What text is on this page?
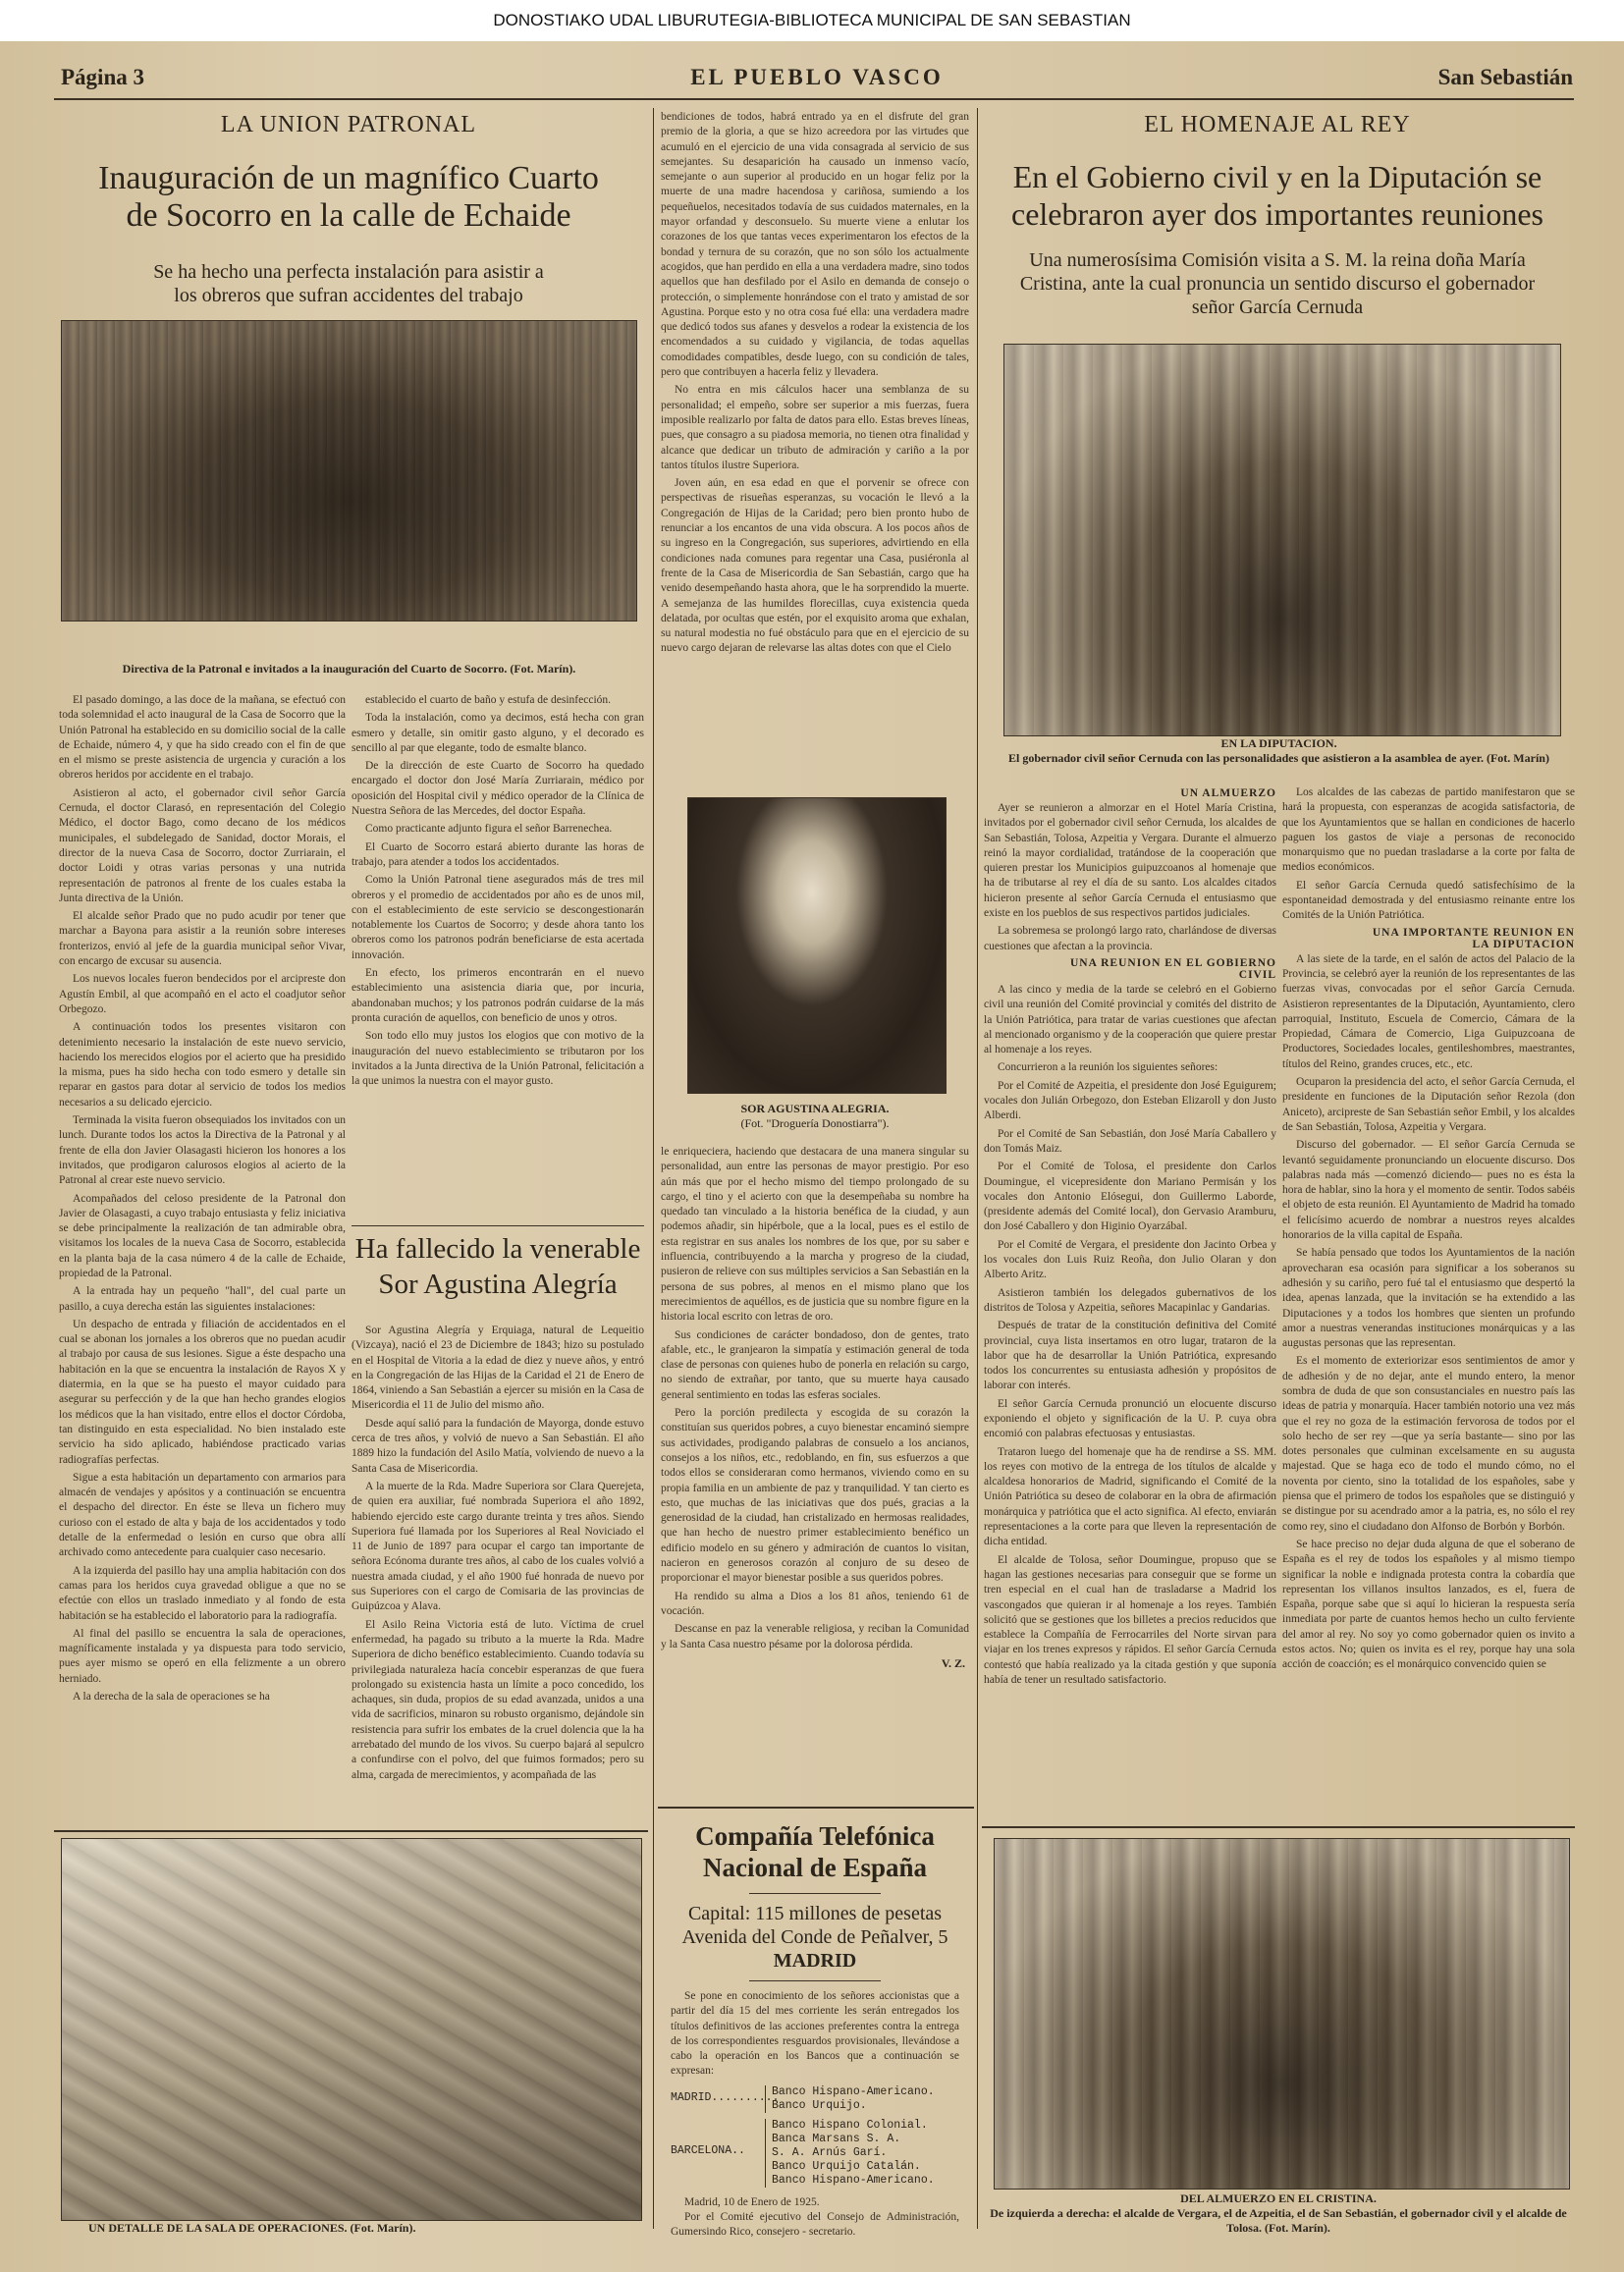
DONOSTIAKO UDAL LIBURUTEGIA-BIBLIOTECA MUNICIPAL DE SAN SEBASTIAN
Página 3	EL PUEBLO VASCO	San Sebastián
LA UNION PATRONAL
Inauguración de un magnífico Cuarto de Socorro en la calle de Echaide
Se ha hecho una perfecta instalación para asistir a los obreros que sufran accidentes del trabajo

Directiva de la Patronal e invitados a la inauguración del Cuarto de Socorro. (Fot. Marín).

El pasado domingo, a las doce de la mañana, se efectuó con toda solemnidad el acto inaugural de la Casa de Socorro que la Unión Patronal ha establecido en su domicilio social de la calle de Echaide, número 4, y que ha sido creado con el fin de que en el mismo se preste asistencia de urgencia y curación a los obreros heridos por accidente en el trabajo.

Asistieron al acto, el gobernador civil señor García Cernuda, el doctor Clarasó, en representación del Colegio Médico, el doctor Bago, como decano de los médicos municipales, el subdelegado de Sanidad, doctor Morais, el director de la nueva Casa de Socorro, doctor Zurriarain, el doctor Loidi y otras varias personas y una nutrida representación de patronos al frente de los cuales estaba la Junta directiva de la Unión.

El alcalde señor Prado que no pudo acudir por tener que marchar a Bayona para asistir a la reunión sobre intereses fronterizos, envió al jefe de la guardia municipal señor Vivar, con encargo de excusar su ausencia.

Los nuevos locales fueron bendecidos por el arcipreste don Agustín Embil, al que acompañó en el acto el coadjutor señor Orbegozo.

A continuación todos los presentes visitaron con detenimiento necesario la instalación de este nuevo servicio, haciendo los merecidos elogios por el acierto que ha presidido la misma, pues ha sido hecha con todo esmero y detalle sin reparar en gastos para dotar al servicio de todos los medios necesarios a su delicado ejercicio.

Terminada la visita fueron obsequiados los invitados con un lunch. Durante todos los actos la Directiva de la Patronal y al frente de ella don Javier Olasagasti hicieron los honores a los invitados, que prodigaron calurosos elogios al acierto de la Patronal al crear este nuevo servicio.

Acompañados del celoso presidente de la Patronal don Javier de Olasagasti, a cuyo trabajo entusiasta y feliz iniciativa se debe principalmente la realización de tan admirable obra, visitamos los locales de la nueva Casa de Socorro, establecida en la planta baja de la casa número 4 de la calle de Echaide, propiedad de la Patronal.

A la entrada hay un pequeño "hall", del cual parte un pasillo, a cuya derecha están las siguientes instalaciones:

Un despacho de entrada y filiación de accidentados en el cual se abonan los jornales a los obreros que no puedan acudir al trabajo por causa de sus lesiones. Sigue a éste despacho una habitación en la que se encuentra la instalación de Rayos X y diatermia, en la que se ha puesto el mayor cuidado para asegurar su perfección y de la que han hecho grandes elogios los médicos que la han visitado, entre ellos el doctor Córdoba, tan distinguido en esta especialidad. No bien instalado este servicio ha sido aplicado, habiéndose practicado varias radiografías perfectas.

Sigue a esta habitación un departamento con armarios para almacén de vendajes y apósitos y a continuación se encuentra el despacho del director. En éste se lleva un fichero muy curioso con el estado de alta y baja de los accidentados y todo detalle de la enfermedad o lesión en curso que obra allí archivado como antecedente para cualquier caso necesario.

A la izquierda del pasillo hay una amplia habitación con dos camas para los heridos cuya gravedad obligue a que no se efectúe con ellos un traslado inmediato y al fondo de esta habitación se ha establecido el laboratorio para la radiografía.

Al final del pasillo se encuentra la sala de operaciones, magníficamente instalada y ya dispuesta para todo servicio, pues ayer mismo se operó en ella felizmente a un obrero herniado.

A la derecha de la sala de operaciones se ha

establecido el cuarto de baño y estufa de desinfección.

Toda la instalación, como ya decimos, está hecha con gran esmero y detalle, sin omitir gasto alguno, y el decorado es sencillo al par que elegante, todo de esmalte blanco.

De la dirección de este Cuarto de Socorro ha quedado encargado el doctor don José María Zurriarain, médico por oposición del Hospital civil y médico operador de la Clínica de Nuestra Señora de las Mercedes, del doctor España.

Como practicante adjunto figura el señor Barrenechea.

El Cuarto de Socorro estará abierto durante las horas de trabajo, para atender a todos los accidentados.

Como la Unión Patronal tiene asegurados más de tres mil obreros y el promedio de accidentados por año es de unos mil, con el establecimiento de este servicio se descongestionarán notablemente los Cuartos de Socorro; y desde ahora tanto los obreros como los patronos podrán beneficiarse de esta acertada innovación.

En efecto, los primeros encontrarán en el nuevo establecimiento una asistencia diaria que, por incuria, abandonaban muchos; y los patronos podrán cuidarse de la más pronta curación de aquellos, con beneficio de unos y otros.

Son todo ello muy justos los elogios que con motivo de la inauguración del nuevo establecimiento se tributaron por los invitados a la Junta directiva de la Unión Patronal, felicitación a la que unimos la nuestra con el mayor gusto.

Ha fallecido la venerable Sor Agustina Alegría

Sor Agustina Alegría y Erquiaga, natural de Lequeitio (Vizcaya), nació el 23 de Diciembre de 1843; hizo su postulado en el Hospital de Vitoria a la edad de diez y nueve años, y entró en la Congregación de las Hijas de la Caridad el 21 de Enero de 1864, viniendo a San Sebastián a ejercer su misión en la Casa de Misericordia el 11 de Julio del mismo año.

Desde aquí salió para la fundación de Mayorga, donde estuvo cerca de tres años, y volvió de nuevo a San Sebastián. El año 1889 hizo la fundación del Asilo Matía, volviendo de nuevo a la Santa Casa de Misericordia.

A la muerte de la Rda. Madre Superiora sor Clara Querejeta, de quien era auxiliar, fué nombrada Superiora el año 1892, habiendo ejercido este cargo durante treinta y tres años. Siendo Superiora fué llamada por los Superiores al Real Noviciado el 11 de Junio de 1897 para ocupar el cargo tan importante de señora Ecónoma durante tres años, al cabo de los cuales volvió a nuestra amada ciudad, y el año 1900 fué honrada de nuevo por sus Superiores con el cargo de Comisaria de las provincias de Guipúzcoa y Alava.

El Asilo Reina Victoria está de luto. Víctima de cruel enfermedad, ha pagado su tributo a la muerte la Rda. Madre Superiora de dicho benéfico establecimiento. Cuando todavía su privilegiada naturaleza hacía concebir esperanzas de que fuera prolongado su existencia hasta un límite a poco concedido, los achaques, sin duda, propios de su edad avanzada, unidos a una vida de sacrificios, minaron su robusto organismo, dejándole sin resistencia para sufrir los embates de la cruel dolencia que la ha arrebatado del mundo de los vivos. Su cuerpo bajará al sepulcro a confundirse con el polvo, del que fuimos formados; pero su alma, cargada de merecimientos, y acompañada de las

UN DETALLE DE LA SALA DE OPERACIONES. (Fot. Marín).

bendiciones de todos, habrá entrado ya en el disfrute del gran premio de la gloria, a que se hizo acreedora por las virtudes que acumuló en el ejercicio de una vida consagrada al servicio de sus semejantes. Su desaparición ha causado un inmenso vacío, semejante o aun superior al producido en un hogar feliz por la muerte de una madre hacendosa y cariñosa, sumiendo a los pequeñuelos, necesitados todavía de sus cuidados maternales, en la mayor orfandad y desconsuelo. Su muerte viene a enlutar los corazones de los que tantas veces experimentaron los efectos de la bondad y ternura de su corazón, que no son sólo los actualmente acogidos, que han perdido en ella a una verdadera madre, sino todos aquellos que han desfilado por el Asilo en demanda de consejo o protección, o simplemente honrándose con el trato y amistad de sor Agustina. Porque esto y no otra cosa fué ella: una verdadera madre que dedicó todos sus afanes y desvelos a rodear la existencia de los encomendados a su cuidado y vigilancia, de todas aquellas comodidades compatibles, desde luego, con su condición de tales, pero que contribuyen a hacerla feliz y llevadera.

No entra en mis cálculos hacer una semblanza de su personalidad; el empeño, sobre ser superior a mis fuerzas, fuera imposible realizarlo por falta de datos para ello. Estas breves líneas, pues, que consagro a su piadosa memoria, no tienen otra finalidad y alcance que dedicar un tributo de admiración y cariño a la por tantos títulos ilustre Superiora.

Joven aún, en esa edad en que el porvenir se ofrece con perspectivas de risueñas esperanzas, su vocación le llevó a la Congregación de Hijas de la Caridad; pero bien pronto hubo de renunciar a los encantos de una vida obscura. A los pocos años de su ingreso en la Congregación, sus superiores, advirtiendo en ella condiciones nada comunes para regentar una Casa, pusiéronla al frente de la Casa de Misericordia de San Sebastián, cargo que ha venido desempeñando hasta ahora, que le ha sorprendido la muerte. A semejanza de las humildes florecillas, cuya existencia queda delatada, por ocultas que estén, por el exquisito aroma que exhalan, su natural modestia no fué obstáculo para que en el ejercicio de su nuevo cargo dejaran de relevarse las altas dotes con que el Cielo

SOR AGUSTINA ALEGRIA.

(Fot. "Droguería Donostiarra").

le enriqueciera, haciendo que destacara de una manera singular su personalidad, aun entre las personas de mayor prestigio. Por eso aún más que por el hecho mismo del tiempo prolongado de su cargo, el tino y el acierto con que la desempeñaba su nombre ha quedado tan vinculado a la historia benéfica de la ciudad, y aun podemos añadir, sin hipérbole, que a la local, pues es el estilo de esta registrar en sus anales los nombres de los que, por su saber e influencia, contribuyendo a la marcha y progreso de la ciudad, pusieron de relieve con sus múltiples servicios a San Sebastián en la persona de sus pobres, al menos en el mismo plano que los merecimientos de aquéllos, es de justicia que su nombre figure en la historia local escrito con letras de oro.

Sus condiciones de carácter bondadoso, don de gentes, trato afable, etc., le granjearon la simpatía y estimación general de toda clase de personas con quienes hubo de ponerla en relación su cargo, no siendo de extrañar, por tanto, que su muerte haya causado general sentimiento en todas las esferas sociales.

Pero la porción predilecta y escogida de su corazón la constituían sus queridos pobres, a cuyo bienestar encaminó siempre sus actividades, prodigando palabras de consuelo a los ancianos, consejos a los niños, etc., redoblando, en fin, sus esfuerzos a que todos ellos se consideraran como hermanos, viviendo como en su propia familia en un ambiente de paz y tranquilidad. Y tan cierto es esto, que muchas de las iniciativas que dos pués, gracias a la generosidad de la ciudad, han cristalizado en hermosas realidades, que han hecho de nuestro primer establecimiento benéfico un edificio modelo en su género y admiración de cuantos lo visitan, nacieron en generosos corazón al conjuro de su deseo de proporcionar el mayor bienestar posible a sus queridos pobres.

Ha rendido su alma a Dios a los 81 años, teniendo 61 de vocación.

Descanse en paz la venerable religiosa, y reciban la Comunidad y la Santa Casa nuestro pésame por la dolorosa pérdida.

V. Z.
Compañía Telefónica Nacional de España
Capital: 115 millones de pesetas
Avenida del Conde de Peñalver, 5
MADRID

Se pone en conocimiento de los señores accionistas que a partir del día 15 del mes corriente les serán entregados los títulos definitivos de las acciones preferentes contra la entrega de los correspondientes resguardos provisionales, llevándose a cabo la operación en los Bancos que a continuación se expresan:

MADRID..........
Banco Hispano-Americano.
Banco Urquijo.
BARCELONA..
Banco Hispano Colonial.
Banca Marsans S. A.
S. A. Arnús Garí.
Banco Urquijo Catalán.
Banco Hispano-Americano.

Madrid, 10 de Enero de 1925.

Por el Comité ejecutivo del Consejo de Administración, Gumersindo Rico, consejero - secretario.

EL HOMENAJE AL REY
En el Gobierno civil y en la Diputación se celebraron ayer dos importantes reuniones
Una numerosísima Comisión visita a S. M. la reina doña María Cristina, ante la cual pronuncia un sentido discurso el gobernador señor García Cernuda

EN LA DIPUTACION.

El gobernador civil señor Cernuda con las personalidades que asistieron a la asamblea de ayer. (Fot. Marín)

UN ALMUERZO

Ayer se reunieron a almorzar en el Hotel María Cristina, invitados por el gobernador civil señor Cernuda, los alcaldes de San Sebastián, Tolosa, Azpeitia y Vergara. Durante el almuerzo reinó la mayor cordialidad, tratándose de la cooperación que quieren prestar los Municipios guipuzcoanos al homenaje que ha de tributarse al rey el día de su santo. Los alcaldes citados hicieron presente al señor García Cernuda el entusiasmo que existe en los pueblos de sus respectivos partidos judiciales.

La sobremesa se prolongó largo rato, charlándose de diversas cuestiones que afectan a la provincia.

UNA REUNION EN EL GOBIERNO CIVIL

A las cinco y media de la tarde se celebró en el Gobierno civil una reunión del Comité provincial y comités del distrito de la Unión Patriótica, para tratar de varias cuestiones que afectan al mencionado organismo y de la cooperación que quiere prestar al homenaje a los reyes.

Concurrieron a la reunión los siguientes señores:

Por el Comité de Azpeitia, el presidente don José Eguigurem; vocales don Julián Orbegozo, don Esteban Elizaroll y don Justo Alberdi.

Por el Comité de San Sebastián, don José María Caballero y don Tomás Maiz.

Por el Comité de Tolosa, el presidente don Carlos Doumingue, el vicepresidente don Mariano Permisán y los vocales don Antonio Elósegui, don Guillermo Laborde, (presidente además del Comité local), don Gervasio Aramburu, don José Caballero y don Higinio Oyarzábal.

Por el Comité de Vergara, el presidente don Jacinto Orbea y los vocales don Luis Ruiz Reoña, don Julio Olaran y don Alberto Aritz.

Asistieron también los delegados gubernativos de los distritos de Tolosa y Azpeitia, señores Macapinlac y Gandarias.

Después de tratar de la constitución definitiva del Comité provincial, cuya lista insertamos en otro lugar, trataron de la labor que ha de desarrollar la Unión Patriótica, expresando todos los concurrentes su entusiasta adhesión y propósitos de laborar con interés.

El señor García Cernuda pronunció un elocuente discurso exponiendo el objeto y significación de la U. P. cuya obra encomió con palabras efectuosas y entusiastas.

Trataron luego del homenaje que ha de rendirse a SS. MM. los reyes con motivo de la entrega de los títulos de alcalde y alcaldesa honorarios de Madrid, significando el Comité de la Unión Patriótica su deseo de colaborar en la obra de afirmación monárquica y patriótica que el acto significa. Al efecto, enviarán representaciones a la corte para que lleven la representación de dicha entidad.

El alcalde de Tolosa, señor Doumingue, propuso que se hagan las gestiones necesarias para conseguir que se forme un tren especial en el cual han de trasladarse a Madrid los vascongados que quieran ir al homenaje a los reyes. También solicitó que se gestiones que los billetes a precios reducidos que establece la Compañía de Ferrocarriles del Norte sirvan para viajar en los trenes expresos y rápidos. El señor García Cernuda contestó que había realizado ya la citada gestión y que suponía había de tener un resultado satisfactorio.

Los alcaldes de las cabezas de partido manifestaron que se hará la propuesta, con esperanzas de acogida satisfactoria, de que los Ayuntamientos que se hallan en condiciones de hacerlo paguen los gastos de viaje a personas de reconocido monarquismo que no puedan trasladarse a la corte por falta de medios económicos.

El señor García Cernuda quedó satisfechísimo de la espontaneidad demostrada y del entusiasmo reinante entre los Comités de la Unión Patriótica.

UNA IMPORTANTE REUNION EN LA DIPUTACION

A las siete de la tarde, en el salón de actos del Palacio de la Provincia, se celebró ayer la reunión de los representantes de las fuerzas vivas, convocadas por el señor García Cernuda. Asistieron representantes de la Diputación, Ayuntamiento, clero parroquial, Instituto, Escuela de Comercio, Cámara de la Propiedad, Cámara de Comercio, Liga Guipuzcoana de Productores, Sociedades locales, gentileshombres, maestrantes, títulos del Reino, grandes cruces, etc., etc.

Ocuparon la presidencia del acto, el señor García Cernuda, el presidente en funciones de la Diputación señor Rezola (don Aniceto), arcipreste de San Sebastián señor Embil, y los alcaldes de San Sebastián, Tolosa, Azpeitia y Vergara.

Discurso del gobernador. — El señor García Cernuda se levantó seguidamente pronunciando un elocuente discurso. Dos palabras nada más —comenzó diciendo— pues no es ésta la hora de hablar, sino la hora y el momento de sentir. Todos sabéis el objeto de esta reunión. El Ayuntamiento de Madrid ha tomado el felicísimo acuerdo de nombrar a nuestros reyes alcaldes honorarios de la villa capital de España.

Se había pensado que todos los Ayuntamientos de la nación aprovecharan esa ocasión para significar a los soberanos su adhesión y su cariño, pero fué tal el entusiasmo que despertó la idea, apenas lanzada, que la invitación se ha extendido a las Diputaciones y a todos los hombres que sienten un profundo amor a nuestras venerandas instituciones monárquicas y a las augustas personas que las representan.

Es el momento de exteriorizar esos sentimientos de amor y de adhesión y de no dejar, ante el mundo entero, la menor sombra de duda de que son consustanciales en nuestro país las ideas de patria y monarquía. Hacer también notorio una vez más que el rey no goza de la estimación fervorosa de todos por el solo hecho de ser rey —que ya sería bastante— sino por las dotes personales que culminan excelsamente en su augusta majestad. Que se haga eco de todo el mundo cómo, no el noventa por ciento, sino la totalidad de los españoles, sabe y piensa que el primero de todos los españoles que se distinguió y se distingue por su acendrado amor a la patria, es, no sólo el rey como rey, sino el ciudadano don Alfonso de Borbón y Borbón.

Se hace preciso no dejar duda alguna de que el soberano de España es el rey de todos los españoles y al mismo tiempo significar la noble e indignada protesta contra la cobardía que representan los villanos insultos lanzados, es el, fuera de España, porque sabe que si aquí lo hicieran la respuesta sería inmediata por parte de cuantos hemos hecho un culto ferviente del amor al rey. No soy yo como gobernador quien os invito a estos actos. No; quien os invita es el rey, porque hay una sola acción de coacción; es el monárquico convencido quien se

DEL ALMUERZO EN EL CRISTINA.

De izquierda a derecha: el alcalde de Vergara, el de Azpeitia, el de San Sebastián, el gobernador civil y el alcalde de Tolosa. (Fot. Marín).
